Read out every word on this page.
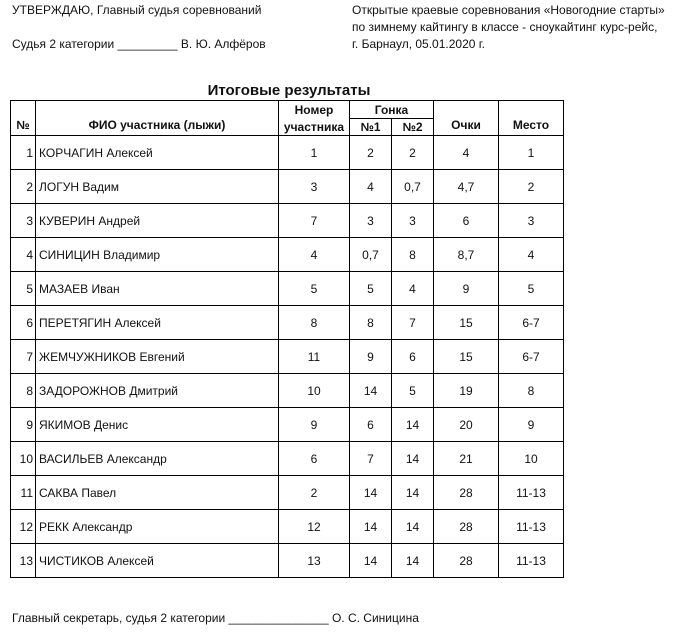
УТВЕРЖДАЮ, Главный судья соревнований
Судья 2 категории _________ В. Ю. Алфёров
Открытые краевые соревнования «Новогодние старты»
по зимнему кайтингу в классе - сноукайтинг курс-рейс,
г. Барнаул, 05.01.2020 г.
Итоговые результаты
№	ФИО участника (лыжи)	Номер
участника	Гонка		Очки	Место
			№1	№2		
1	КОРЧАГИН Алексей	1	2	2	4	1
2	ЛОГУН Вадим	3	4	0,7	4,7	2
3	КУВЕРИН Андрей	7	3	3	6	3
4	СИНИЦИН Владимир	4	0,7	8	8,7	4
5	МАЗАЕВ Иван	5	5	4	9	5
6	ПЕРЕТЯГИН Алексей	8	8	7	15	6-7
7	ЖЕМЧУЖНИКОВ Евгений	11	9	6	15	6-7
8	ЗАДОРОЖНОВ Дмитрий	10	14	5	19	8
9	ЯКИМОВ Денис	9	6	14	20	9
10	ВАСИЛЬЕВ Александр	6	7	14	21	10
11	САКВА Павел	2	14	14	28	11-13
12	РЕКК Александр	12	14	14	28	11-13
13	ЧИСТИКОВ Алексей	13	14	14	28	11-13
Главный секретарь, судья 2 категории _______________ О. С. Синицина
